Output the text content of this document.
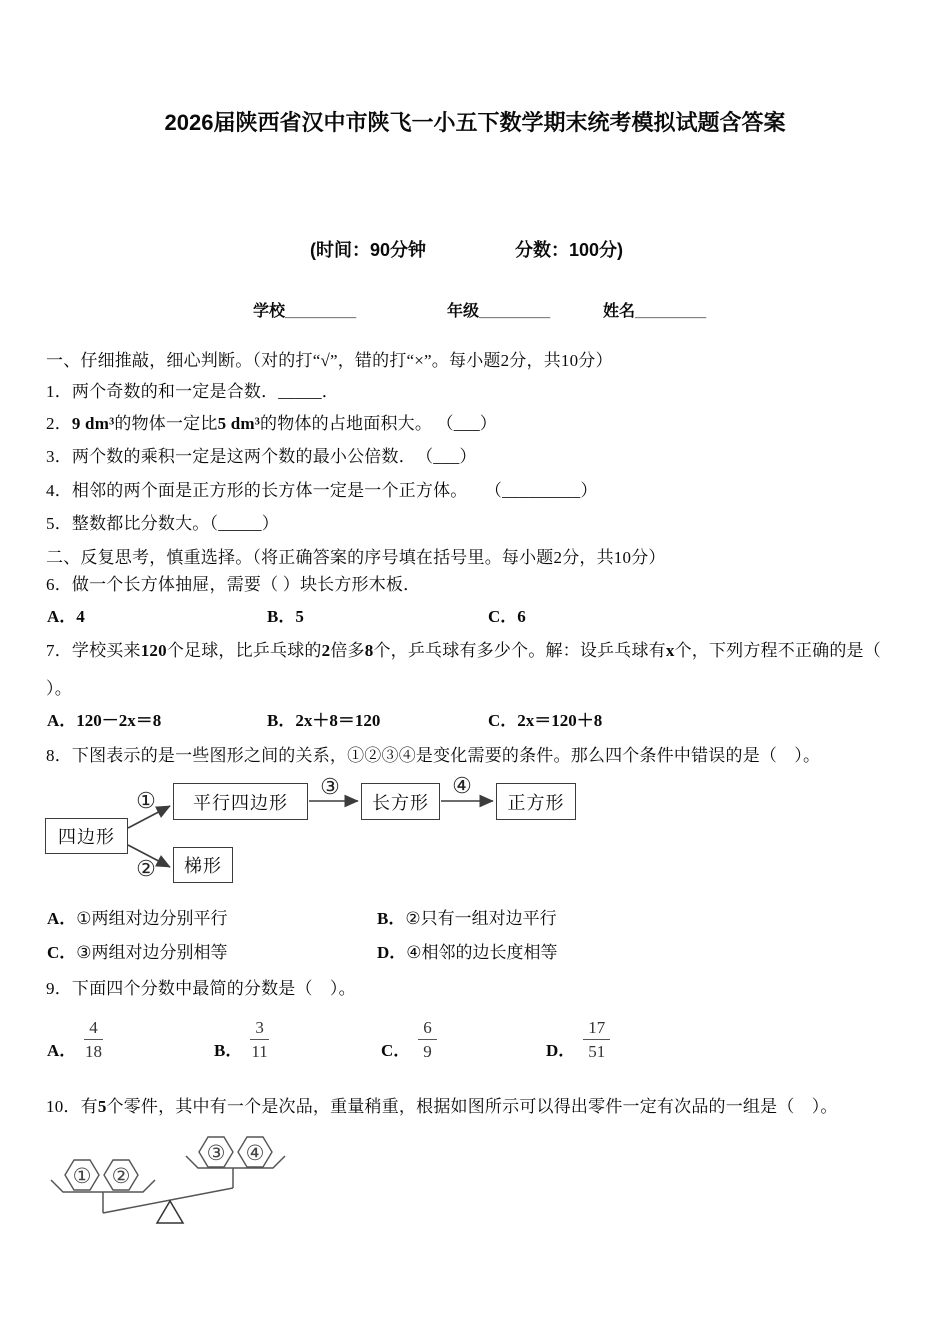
2026届陕西省汉中市陕飞一小五下数学期末统考模拟试题含答案
(时间：90分钟	分数：100分)
学校________	年级________	姓名________
一、仔细推敲，细心判断。（对的打“√”，错的打“×”。每小题2分，共10分）
1．两个奇数的和一定是合数．_____．
2．9 dm³的物体一定比5 dm³的物体的占地面积大。 （___）
3．两个数的乘积一定是这两个数的最小公倍数．　（___）
4．相邻的两个面是正方形的长方体一定是一个正方体。　　（_________）
5．整数都比分数大。（_____）
二、反复思考，慎重选择。（将正确答案的序号填在括号里。每小题2分，共10分）
6．做一个长方体抽屉，需要（ ）块长方形木板．
A．4	B．5	C．6
7．学校买来120个足球，比乒乓球的2倍多8个，乒乓球有多少个。解：设乒乓球有x个，下列方程不正确的是（
）。
A．120－2x＝8	B．2x＋8＝120	C．2x＝120＋8
8．下图表示的是一些图形之间的关系，①②③④是变化需要的条件。那么四个条件中错误的是（　）。
四边形
平行四边形	长方形	正方形
梯形
①
②
③	④
A．①两组对边分别平行	B．②只有一组对边平行
C．③两组对边分别相等	D．④相邻的边长度相等
9．下面四个分数中最简的分数是（　）。
A． $\frac{4}{18}$	B． $\frac{3}{11}$	C． $\frac{6}{9}$	D． $\frac{17}{51}$
10．有5个零件，其中有一个是次品，重量稍重，根据如图所示可以得出零件一定有次品的一组是（　）。
① ②
③ ④
